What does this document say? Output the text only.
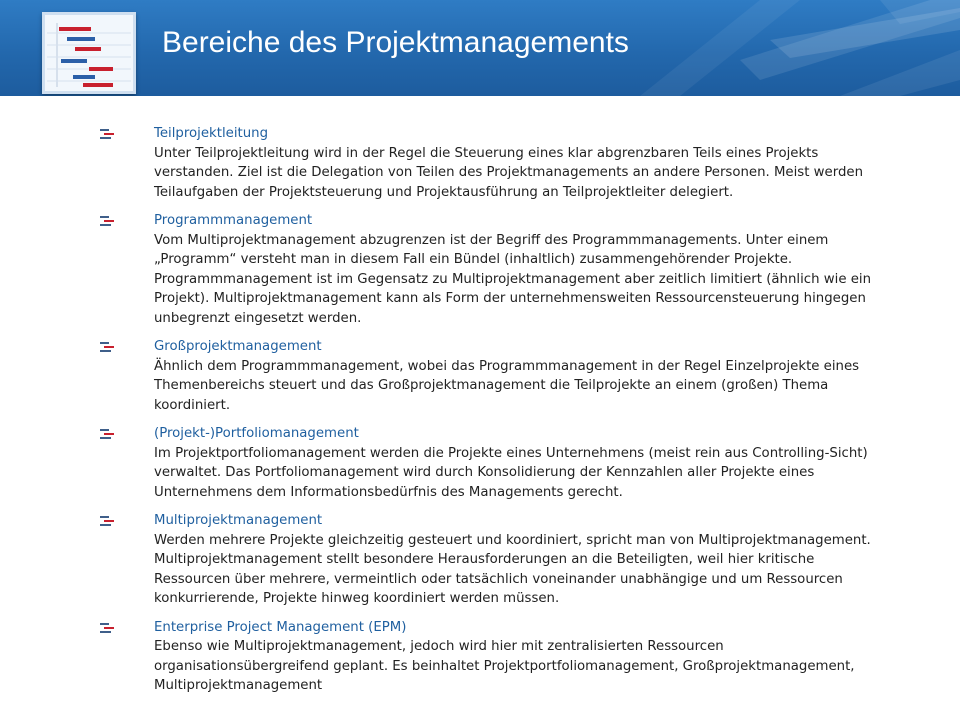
Bereiche des Projektmanagements
Teilprojektleitung
Unter Teilprojektleitung wird in der Regel die Steuerung eines klar abgrenzbaren Teils eines Projekts verstanden. Ziel ist die Delegation von Teilen des Projektmanagements an andere Personen. Meist werden Teilaufgaben der Projektsteuerung und Projektausführung an Teilprojektleiter delegiert.
Programmmanagement
Vom Multiprojektmanagement abzugrenzen ist der Begriff des Programmmanagements. Unter einem „Programm“ versteht man in diesem Fall ein Bündel (inhaltlich) zusammengehörender Projekte. Programmmanagement ist im Gegensatz zu Multiprojektmanagement aber zeitlich limitiert (ähnlich wie ein Projekt). Multiprojektmanagement kann als Form der unternehmensweiten Ressourcensteuerung hingegen unbegrenzt eingesetzt werden.
Großprojektmanagement
Ähnlich dem Programmmanagement, wobei das Programmmanagement in der Regel Einzelprojekte eines Themenbereichs steuert und das Großprojektmanagement die Teilprojekte an einem (großen) Thema koordiniert.
(Projekt-)Portfoliomanagement
Im Projektportfoliomanagement werden die Projekte eines Unternehmens (meist rein aus Controlling-Sicht) verwaltet. Das Portfoliomanagement wird durch Konsolidierung der Kennzahlen aller Projekte eines Unternehmens dem Informationsbedürfnis des Managements gerecht.
Multiprojektmanagement
Werden mehrere Projekte gleichzeitig gesteuert und koordiniert, spricht man von Multiprojektmanagement. Multiprojektmanagement stellt besondere Herausforderungen an die Beteiligten, weil hier kritische Ressourcen über mehrere, vermeintlich oder tatsächlich voneinander unabhängige und um Ressourcen konkurrierende, Projekte hinweg koordiniert werden müssen.
Enterprise Project Management (EPM)
Ebenso wie Multiprojektmanagement, jedoch wird hier mit zentralisierten Ressourcen organisationsübergreifend geplant. Es beinhaltet Projektportfoliomanagement, Großprojektmanagement, Multiprojektmanagement
